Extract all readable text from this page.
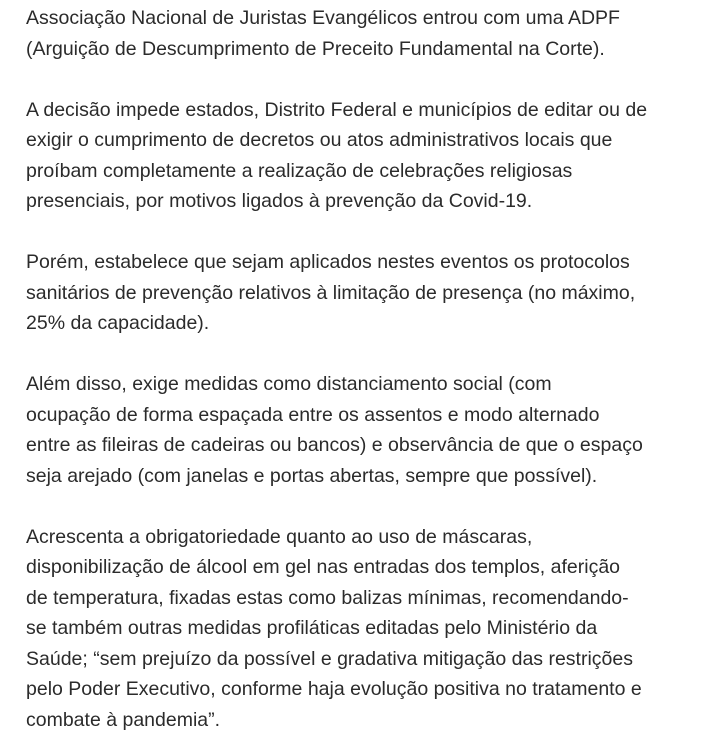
Associação Nacional de Juristas Evangélicos entrou com uma ADPF
(Arguição de Descumprimento de Preceito Fundamental na Corte).

A decisão impede estados, Distrito Federal e municípios de editar ou de
exigir o cumprimento de decretos ou atos administrativos locais que
proíbam completamente a realização de celebrações religiosas
presenciais, por motivos ligados à prevenção da Covid-19.

Porém, estabelece que sejam aplicados nestes eventos os protocolos
sanitários de prevenção relativos à limitação de presença (no máximo,
25% da capacidade).

Além disso, exige medidas como distanciamento social (com
ocupação de forma espaçada entre os assentos e modo alternado
entre as fileiras de cadeiras ou bancos) e observância de que o espaço
seja arejado (com janelas e portas abertas, sempre que possível).

Acrescenta a obrigatoriedade quanto ao uso de máscaras,
disponibilização de álcool em gel nas entradas dos templos, aferição
de temperatura, fixadas estas como balizas mínimas, recomendando-
se também outras medidas profiláticas editadas pelo Ministério da
Saúde; “sem prejuízo da possível e gradativa mitigação das restrições
pelo Poder Executivo, conforme haja evolução positiva no tratamento e
combate à pandemia”.
